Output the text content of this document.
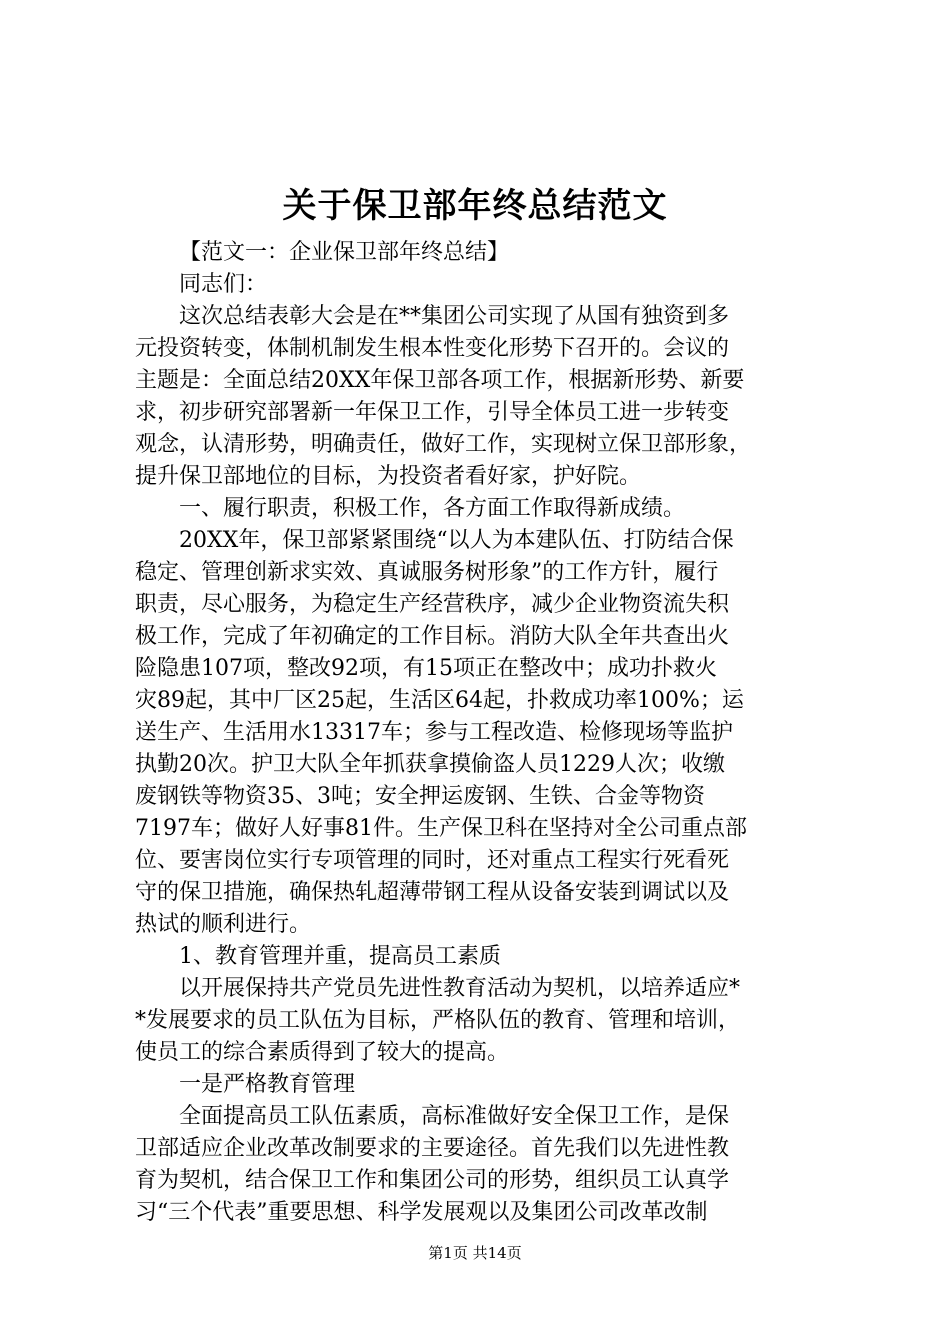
关于保卫部年终总结范文
【范文一：企业保卫部年终总结】
同志们：
这次总结表彰大会是在**集团公司实现了从国有独资到多
元投资转变，体制机制发生根本性变化形势下召开的。会议的
主题是：全面总结20XX年保卫部各项工作，根据新形势、新要
求，初步研究部署新一年保卫工作，引导全体员工进一步转变
观念，认清形势，明确责任，做好工作，实现树立保卫部形象，
提升保卫部地位的目标，为投资者看好家，护好院。
一、履行职责，积极工作，各方面工作取得新成绩。
20XX年，保卫部紧紧围绕“以人为本建队伍、打防结合保
稳定、管理创新求实效、真诚服务树形象”的工作方针，履行
职责，尽心服务，为稳定生产经营秩序，减少企业物资流失积
极工作，完成了年初确定的工作目标。消防大队全年共查出火
险隐患107项，整改92项，有15项正在整改中；成功扑救火
灾89起，其中厂区25起，生活区64起，扑救成功率100%；运
送生产、生活用水13317车；参与工程改造、检修现场等监护
执勤20次。护卫大队全年抓获拿摸偷盗人员1229人次；收缴
废钢铁等物资35、3吨；安全押运废钢、生铁、合金等物资
7197车；做好人好事81件。生产保卫科在坚持对全公司重点部
位、要害岗位实行专项管理的同时，还对重点工程实行死看死
守的保卫措施，确保热轧超薄带钢工程从设备安装到调试以及
热试的顺利进行。
1、教育管理并重，提高员工素质
以开展保持共产党员先进性教育活动为契机，以培养适应*
*发展要求的员工队伍为目标，严格队伍的教育、管理和培训，
使员工的综合素质得到了较大的提高。
一是严格教育管理
全面提高员工队伍素质，高标准做好安全保卫工作，是保
卫部适应企业改革改制要求的主要途径。首先我们以先进性教
育为契机，结合保卫工作和集团公司的形势，组织员工认真学
习“三个代表”重要思想、科学发展观以及集团公司改革改制
第1页 共14页
